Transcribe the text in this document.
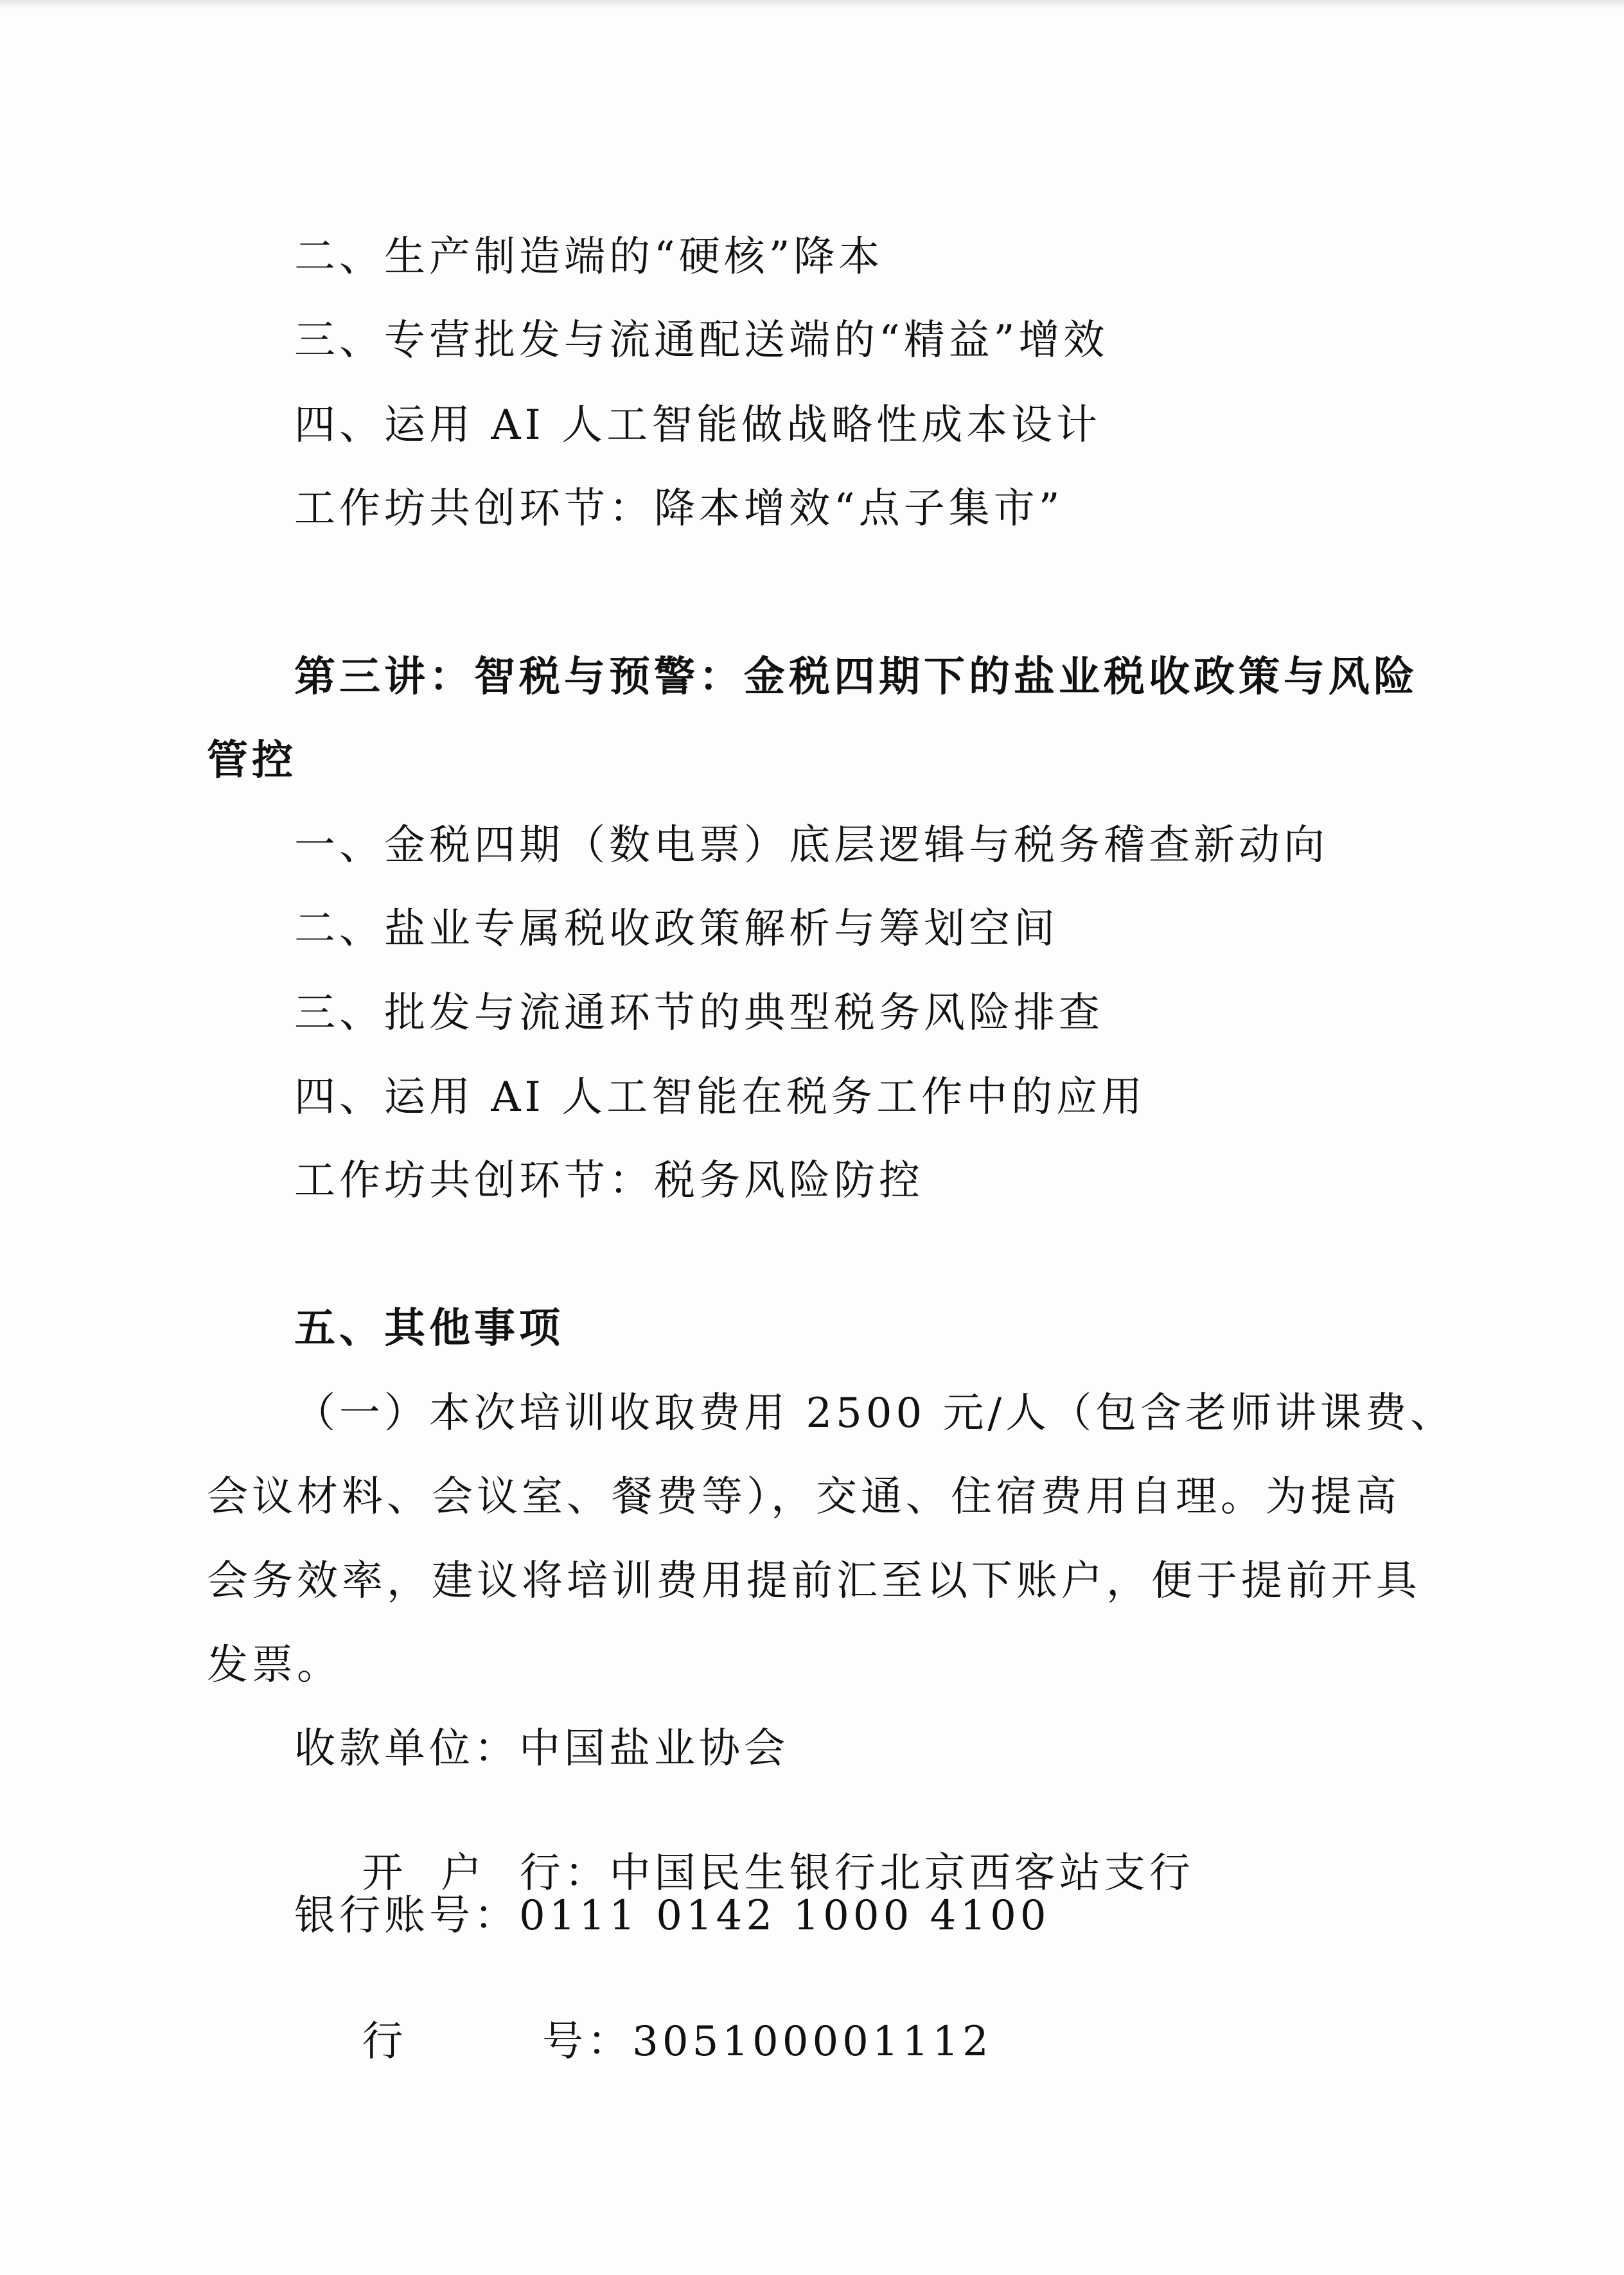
二、生产制造端的“硬核”降本
三、专营批发与流通配送端的“精益”增效
四、运用 AI 人工智能做战略性成本设计
工作坊共创环节：降本增效“点子集市”
第三讲：智税与预警：金税四期下的盐业税收政策与风险
管控
一、金税四期（数电票）底层逻辑与税务稽查新动向
二、盐业专属税收政策解析与筹划空间
三、批发与流通环节的典型税务风险排查
四、运用 AI 人工智能在税务工作中的应用
工作坊共创环节：税务风险防控
五、其他事项
（一）本次培训收取费用 2500 元/人（包含老师讲课费、
会议材料、会议室、餐费等），交通、住宿费用自理。为提高
会务效率，建议将培训费用提前汇至以下账户，便于提前开具
发票。
收款单位：中国盐业协会

开  户  行：中国民生银行北京西客站支行

银行账号：0111 0142 1000 4100

行        号：305100001112
